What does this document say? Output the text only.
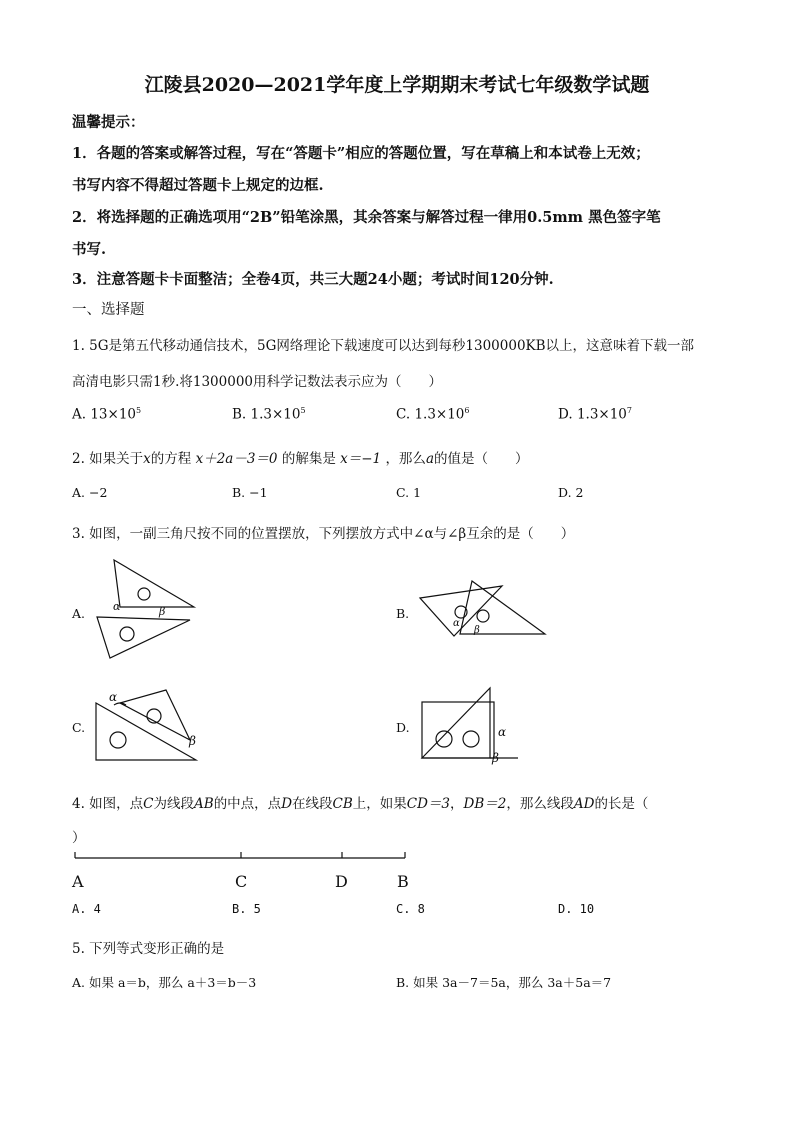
江陵县2020—2021学年度上学期期末考试七年级数学试题
温馨提示：
1．各题的答案或解答过程，写在“答题卡”相应的答题位置，写在草稿上和本试卷上无效；
书写内容不得超过答题卡上规定的边框.
2．将选择题的正确选项用“2B”铅笔涂黑，其余答案与解答过程一律用0.5mm 黑色签字笔
书写.
3．注意答题卡卡面整洁；全卷4页，共三大题24小题；考试时间120分钟.
一、选择题
1. 5G是第五代移动通信技术，5G网络理论下载速度可以达到每秒1300000KB以上，这意味着下载一部
高清电影只需1秒.将1300000用科学记数法表示应为（　　）
A. $13\times 10^5$	B. $1.3\times 10^5$	C. $1.3\times 10^6$	D. $1.3\times 10^7$
2. 如果关于x的方程 x＋2a－3＝0 的解集是 x＝−1 ，那么a的值是（　　）
A. −2	B. −1	C. 1	D. 2
3. 如图，一副三角尺按不同的位置摆放，下列摆放方式中∠α与∠β互余的是（　　）
A.	B.
C.	D.
α	β
α
β
α
β
α
β
4. 如图，点C为线段AB的中点，点D在线段CB上，如果CD＝3，DB＝2，那么线段AD的长是（
）
A	C	D	B
A. 4	B. 5	C. 8	D. 10
5. 下列等式变形正确的是
A. 如果 a＝b，那么 a＋3＝b－3	B. 如果 3a－7＝5a，那么 3a＋5a＝7
